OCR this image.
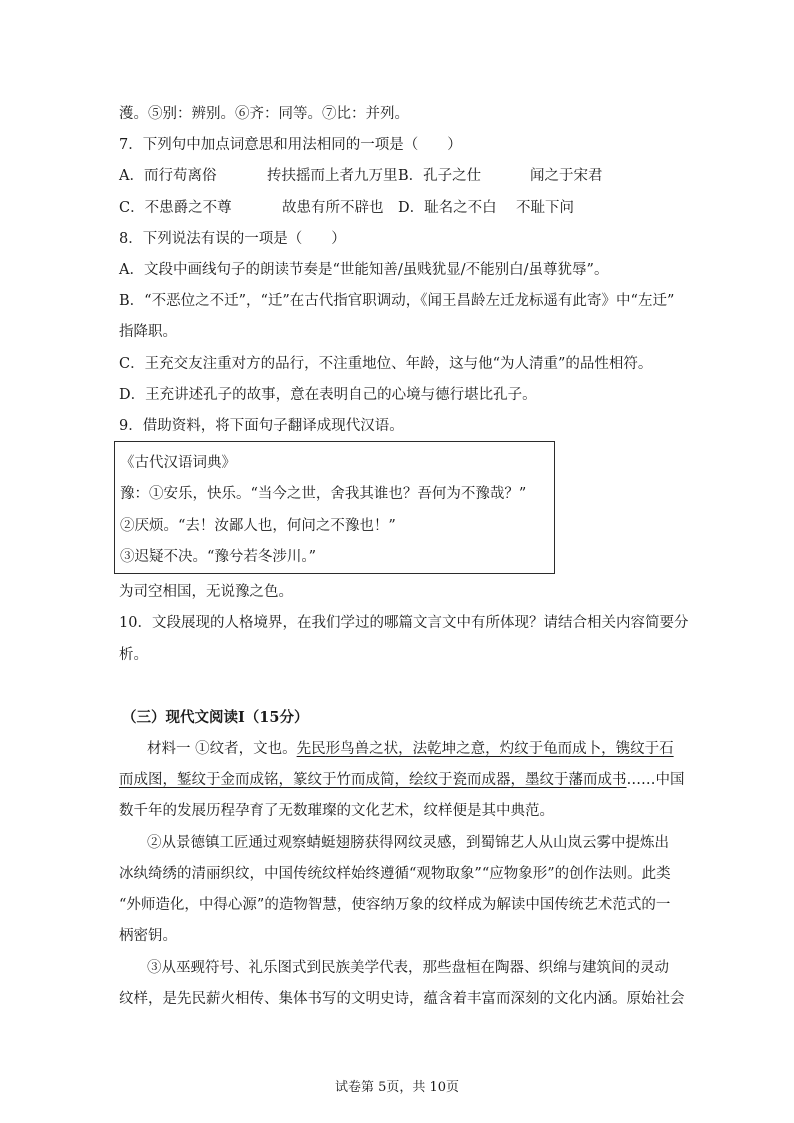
濩。⑤别：辨别。⑥齐：同等。⑦比：并列。
7．下列句中加点词意思和用法相同的一项是（　　）
A．而行苟离俗	抟扶摇而上者九万里 B．孔子之仕	闻之于宋君
C．不患爵之不尊	故患有所不辟也 D．耻名之不白 不耻下问
8．下列说法有误的一项是（　　）
A．文段中画线句子的朗读节奏是“世能知善/虽贱犹显/不能别白/虽尊犹辱”。
B．“不恶位之不迁”，“迁”在古代指官职调动，《闻王昌龄左迁龙标遥有此寄》中“左迁”
指降职。
C．王充交友注重对方的品行，不注重地位、年龄，这与他“为人清重”的品性相符。
D．王充讲述孔子的故事，意在表明自己的心境与德行堪比孔子。
9．借助资料，将下面句子翻译成现代汉语。
《古代汉语词典》
豫：①安乐，快乐。“当今之世，舍我其谁也？吾何为不豫哉？”
②厌烦。“去！汝鄙人也，何问之不豫也！”
③迟疑不决。“豫兮若冬涉川。”
为司空相国，无说豫之色。
10．文段展现的人格境界，在我们学过的哪篇文言文中有所体现？请结合相关内容简要分
析。
（三）现代文阅读Ⅰ（15分）
材料一 ①纹者，文也。先民形鸟兽之状，法乾坤之意，灼纹于龟而成卜，镌纹于石
而成图，錾纹于金而成铭，篆纹于竹而成简，绘纹于瓷而成器，墨纹于藩而成书……中国
数千年的发展历程孕育了无数璀璨的文化艺术，纹样便是其中典范。
②从景德镇工匠通过观察蜻蜓翅膀获得网纹灵感，到蜀锦艺人从山岚云雾中提炼出
冰纨绮绣的清丽织纹，中国传统纹样始终遵循“观物取象”“应物象形”的创作法则。此类
“外师造化，中得心源”的造物智慧，使容纳万象的纹样成为解读中国传统艺术范式的一
柄密钥。
③从巫觋符号、礼乐图式到民族美学代表，那些盘桓在陶器、织绵与建筑间的灵动
纹样，是先民薪火相传、集体书写的文明史诗，蕴含着丰富而深刻的文化内涵。原始社会
试卷第 5页，共 10页
